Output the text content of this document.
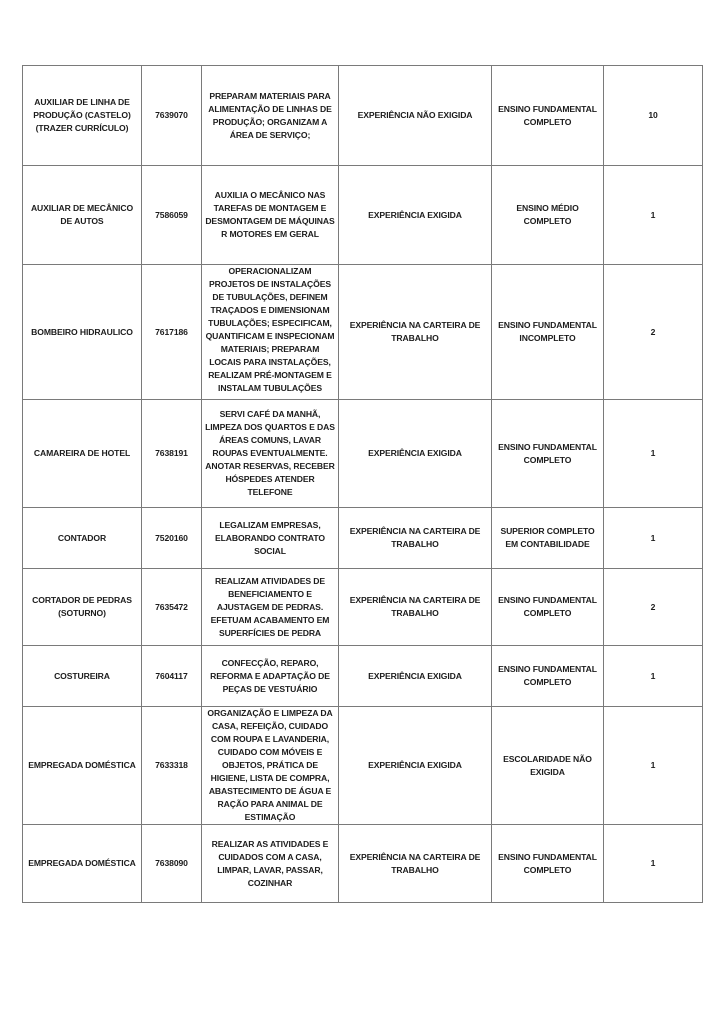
AUXILIAR DE LINHA DE PRODUÇÃO (CASTELO) (TRAZER CURRÍCULO)	7639070	PREPARAM MATERIAIS PARA ALIMENTAÇÃO DE LINHAS DE PRODUÇÃO; ORGANIZAM A ÁREA DE SERVIÇO;	EXPERIÊNCIA NÃO EXIGIDA	ENSINO FUNDAMENTAL COMPLETO	10
AUXILIAR DE MECÂNICO DE AUTOS	7586059	AUXILIA O MECÂNICO NAS TAREFAS DE MONTAGEM E DESMONTAGEM DE MÁQUINAS R MOTORES EM GERAL	EXPERIÊNCIA EXIGIDA	ENSINO MÉDIO COMPLETO	1
BOMBEIRO HIDRAULICO	7617186	OPERACIONALIZAM PROJETOS DE INSTALAÇÕES DE TUBULAÇÕES, DEFINEM TRAÇADOS E DIMENSIONAM TUBULAÇÕES; ESPECIFICAM, QUANTIFICAM E INSPECIONAM MATERIAIS; PREPARAM LOCAIS PARA INSTALAÇÕES, REALIZAM PRÉ-MONTAGEM E INSTALAM TUBULAÇÕES	EXPERIÊNCIA NA CARTEIRA DE TRABALHO	ENSINO FUNDAMENTAL INCOMPLETO	2
CAMAREIRA DE HOTEL	7638191	SERVI CAFÉ DA MANHÃ, LIMPEZA DOS QUARTOS E DAS ÁREAS COMUNS, LAVAR ROUPAS EVENTUALMENTE. ANOTAR RESERVAS, RECEBER HÓSPEDES ATENDER TELEFONE	EXPERIÊNCIA EXIGIDA	ENSINO FUNDAMENTAL COMPLETO	1
CONTADOR	7520160	LEGALIZAM EMPRESAS, ELABORANDO CONTRATO SOCIAL	EXPERIÊNCIA NA CARTEIRA DE TRABALHO	SUPERIOR COMPLETO EM CONTABILIDADE	1
CORTADOR DE PEDRAS (SOTURNO)	7635472	REALIZAM ATIVIDADES DE BENEFICIAMENTO E AJUSTAGEM DE PEDRAS. EFETUAM ACABAMENTO EM SUPERFÍCIES DE PEDRA	EXPERIÊNCIA NA CARTEIRA DE TRABALHO	ENSINO FUNDAMENTAL COMPLETO	2
COSTUREIRA	7604117	CONFECÇÃO, REPARO, REFORMA E ADAPTAÇÃO DE PEÇAS DE VESTUÁRIO	EXPERIÊNCIA EXIGIDA	ENSINO FUNDAMENTAL COMPLETO	1
EMPREGADA DOMÉSTICA	7633318	ORGANIZAÇÃO E LIMPEZA DA CASA, REFEIÇÃO, CUIDADO COM ROUPA E LAVANDERIA, CUIDADO COM MÓVEIS E OBJETOS, PRÁTICA DE HIGIENE, LISTA DE COMPRA, ABASTECIMENTO DE ÁGUA E RAÇÃO PARA ANIMAL DE ESTIMAÇÃO	EXPERIÊNCIA EXIGIDA	ESCOLARIDADE NÃO EXIGIDA	1
EMPREGADA DOMÉSTICA	7638090	REALIZAR AS ATIVIDADES E CUIDADOS COM A CASA, LIMPAR, LAVAR, PASSAR, COZINHAR	EXPERIÊNCIA NA CARTEIRA DE TRABALHO	ENSINO FUNDAMENTAL COMPLETO	1
